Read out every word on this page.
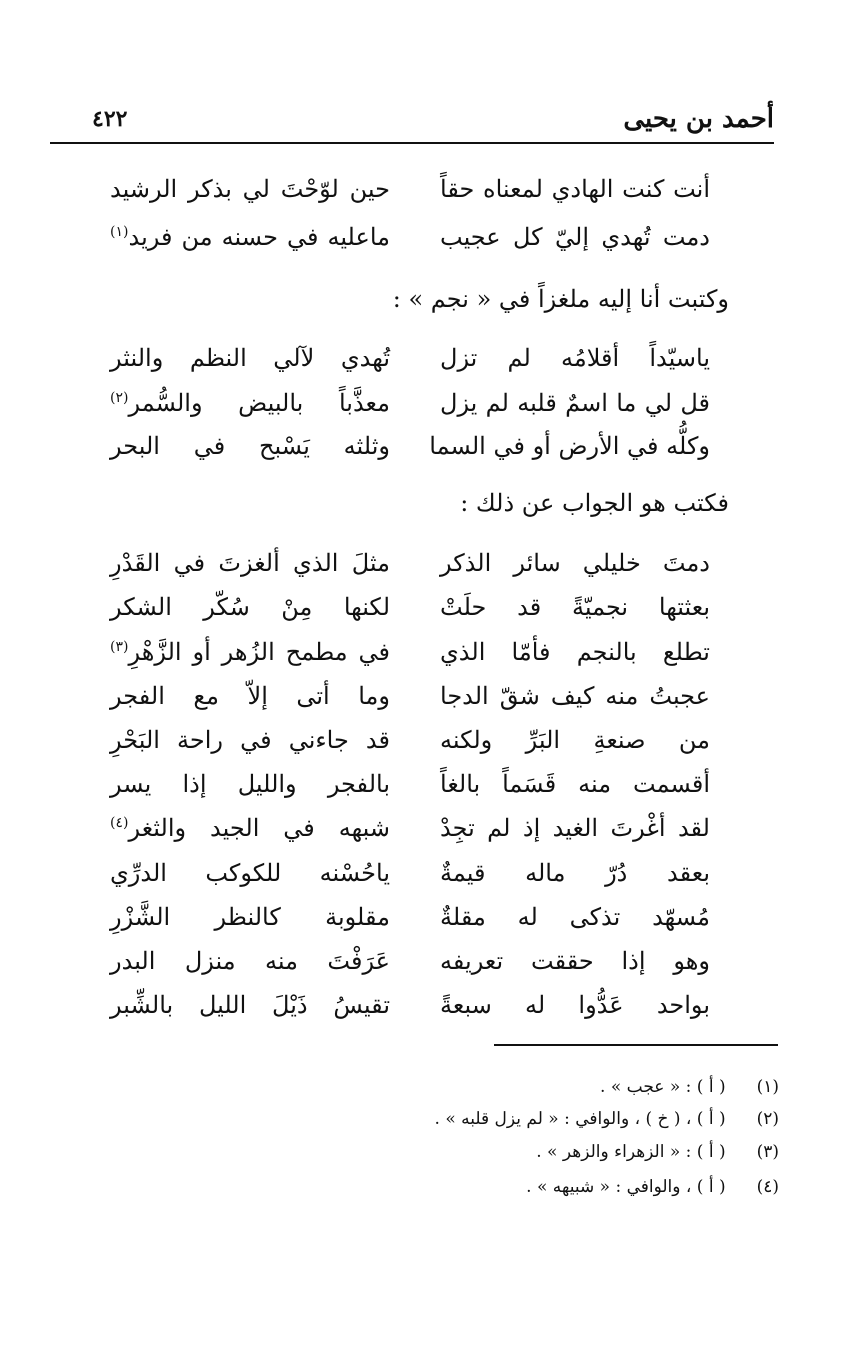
أحمد بن يحيى
٤٢٢
أنت كنت الهادي لمعناه حقاً
حين لوّحْتَ لي بذكر الرشيد
دمت تُهدي إليّ كل عجيب
ماعليه في حسنه من فريد$^{(١)}$
وكتبت أنا إليه ملغزاً في « نجم » :
ياسيّداً أقلامُه لم تزل
تُهدي لآلي النظم والنثر
قل لي ما اسمٌ قلبه لم يزل
معذَّباً بالبيض والسُّمر$^{(٢)}$
وكلُّه في الأرض أو في السما
وثلثه يَسْبح في البحر
فكتب هو الجواب عن ذلك :
دمتَ خليلي سائر الذكر
مثلَ الذي ألغزتَ في القَدْرِ
بعثتها نجميّةً قد حلَتْ
لكنها مِنْ سُكّر الشكر
تطلع بالنجم فأمّا الذي
في مطمح الزُهر أو الزَّهْرِ$^{(٣)}$
عجبتُ منه كيف شقّ الدجا
وما أتى إلاّ مع الفجر
من صنعةِ البَرِّ ولكنه
قد جاءني في راحة البَحْرِ
أقسمت منه قَسَماً بالغاً
بالفجر والليل إذا يسر
لقد أغْرتَ الغيد إذ لم تجِدْ
شبهه في الجيد والثغر$^{(٤)}$
بعقد دُرّ ماله قيمةٌ
ياحُسْنه للكوكب الدرِّي
مُسهّد تذكى له مقلةٌ
مقلوبة كالنظر الشَّزْرِ
وهو إذا حققت تعريفه
عَرَفْتَ منه منزل البدر
بواحد عَدُّوا له سبعةً
تقيسُ ذَيْلَ الليل بالشِّبر
(١) ( أ ) : « عجب » .
(٢) ( أ ) ، ( خ ) ، والوافي : « لم يزل قلبه » .
(٣) ( أ ) : « الزهراء والزهر » .
(٤) ( أ ) ، والوافي : « شبيهه » .
